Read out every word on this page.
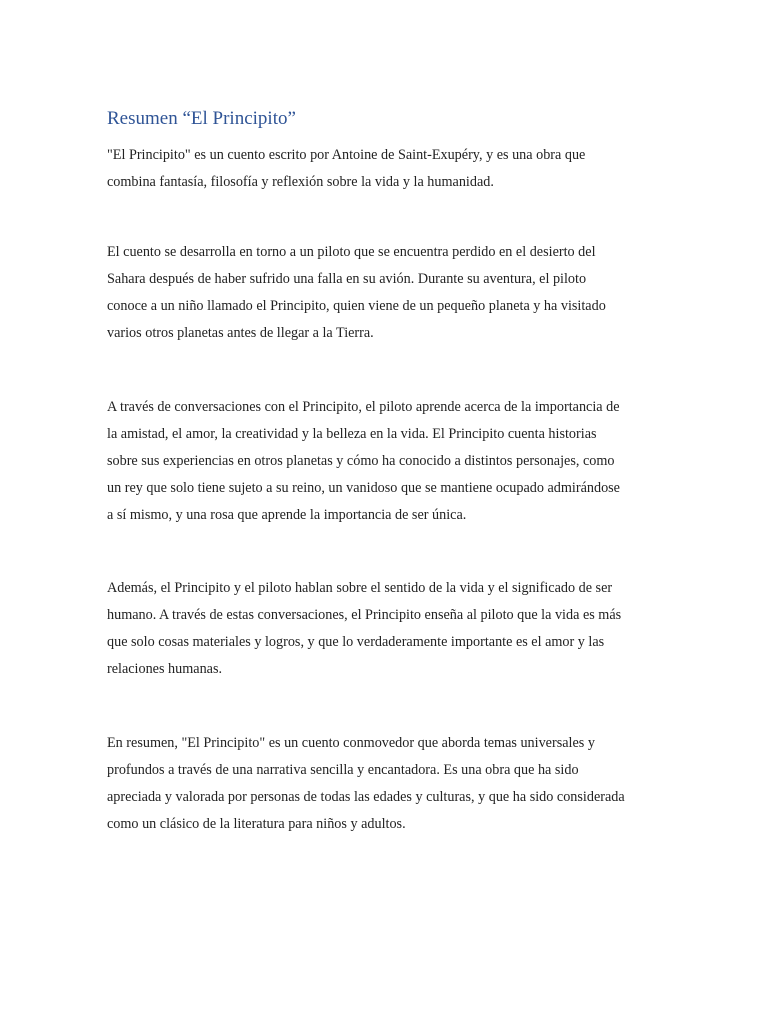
Resumen “El Principito”

"El Principito" es un cuento escrito por Antoine de Saint-Exupéry, y es una obra que
combina fantasía, filosofía y reflexión sobre la vida y la humanidad.

El cuento se desarrolla en torno a un piloto que se encuentra perdido en el desierto del
Sahara después de haber sufrido una falla en su avión. Durante su aventura, el piloto
conoce a un niño llamado el Principito, quien viene de un pequeño planeta y ha visitado
varios otros planetas antes de llegar a la Tierra.

A través de conversaciones con el Principito, el piloto aprende acerca de la importancia de
la amistad, el amor, la creatividad y la belleza en la vida. El Principito cuenta historias
sobre sus experiencias en otros planetas y cómo ha conocido a distintos personajes, como
un rey que solo tiene sujeto a su reino, un vanidoso que se mantiene ocupado admirándose
a sí mismo, y una rosa que aprende la importancia de ser única.

Además, el Principito y el piloto hablan sobre el sentido de la vida y el significado de ser
humano. A través de estas conversaciones, el Principito enseña al piloto que la vida es más
que solo cosas materiales y logros, y que lo verdaderamente importante es el amor y las
relaciones humanas.

En resumen, "El Principito" es un cuento conmovedor que aborda temas universales y
profundos a través de una narrativa sencilla y encantadora. Es una obra que ha sido
apreciada y valorada por personas de todas las edades y culturas, y que ha sido considerada
como un clásico de la literatura para niños y adultos.
